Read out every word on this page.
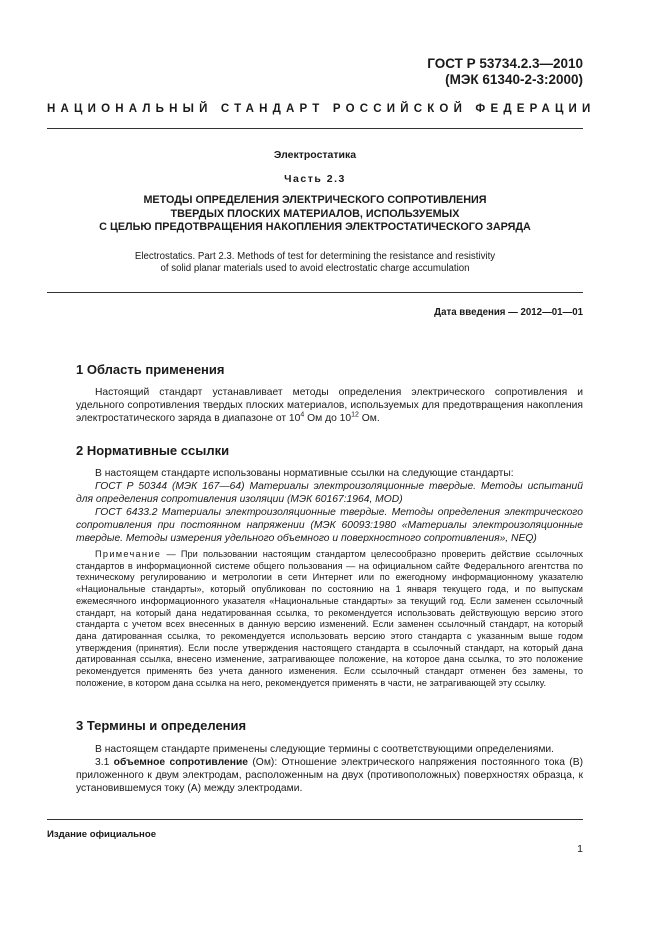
ГОСТ Р 53734.2.3—2010
(МЭК 61340-2-3:2000)
НАЦИОНАЛЬНЫЙ СТАНДАРТ РОССИЙСКОЙ ФЕДЕРАЦИИ
Электростатика
Часть 2.3
МЕТОДЫ ОПРЕДЕЛЕНИЯ ЭЛЕКТРИЧЕСКОГО СОПРОТИВЛЕНИЯ
ТВЕРДЫХ ПЛОСКИХ МАТЕРИАЛОВ, ИСПОЛЬЗУЕМЫХ
С ЦЕЛЬЮ ПРЕДОТВРАЩЕНИЯ НАКОПЛЕНИЯ ЭЛЕКТРОСТАТИЧЕСКОГО ЗАРЯДА
Electrostatics. Part 2.3. Methods of test for determining the resistance and resistivity
of solid planar materials used to avoid electrostatic charge accumulation
Дата введения — 2012—01—01
1 Область применения
Настоящий стандарт устанавливает методы определения электрического сопротивления и удельного сопротивления твердых плоских материалов, используемых для предотвращения накопления электростатического заряда в диапазоне от $10^4$ Ом до $10^{12}$ Ом.
2 Нормативные ссылки
В настоящем стандарте использованы нормативные ссылки на следующие стандарты:
ГОСТ Р 50344 (МЭК 167—64) Материалы электроизоляционные твердые. Методы испытаний для определения сопротивления изоляции (МЭК 60167:1964, MOD)
ГОСТ 6433.2 Материалы электроизоляционные твердые. Методы определения электрического сопротивления при постоянном напряжении (МЭК 60093:1980 «Материалы электроизоляционные твердые. Методы измерения удельного объемного и поверхностного сопротивления», NEQ)
Примечание — При пользовании настоящим стандартом целесообразно проверить действие ссылочных стандартов в информационной системе общего пользования — на официальном сайте Федерального агентства по техническому регулированию и метрологии в сети Интернет или по ежегодному информационному указателю «Национальные стандарты», который опубликован по состоянию на 1 января текущего года, и по выпускам ежемесячного информационного указателя «Национальные стандарты» за текущий год. Если заменен ссылочный стандарт, на который дана недатированная ссылка, то рекомендуется использовать действующую версию этого стандарта с учетом всех внесенных в данную версию изменений. Если заменен ссылочный стандарт, на который дана датированная ссылка, то рекомендуется использовать версию этого стандарта с указанным выше годом утверждения (принятия). Если после утверждения настоящего стандарта в ссылочный стандарт, на который дана датированная ссылка, внесено изменение, затрагивающее положение, на которое дана ссылка, то это положение рекомендуется применять без учета данного изменения. Если ссылочный стандарт отменен без замены, то положение, в котором дана ссылка на него, рекомендуется применять в части, не затрагивающей эту ссылку.
3 Термины и определения
В настоящем стандарте применены следующие термины с соответствующими определениями.
3.1 объемное сопротивление (Ом): Отношение электрического напряжения постоянного тока (В) приложенного к двум электродам, расположенным на двух (противоположных) поверхностях образца, к установившемуся току (А) между электродами.
Издание официальное
1
